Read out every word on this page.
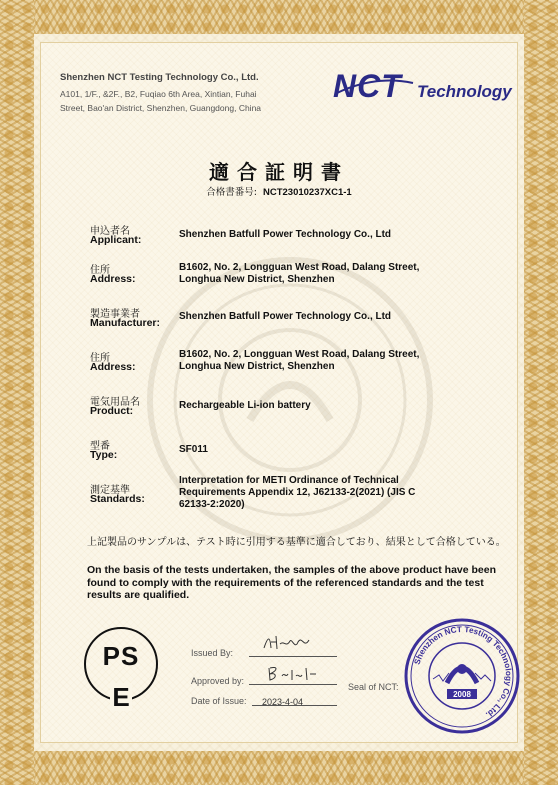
Shenzhen NCT Testing Technology Co., Ltd.
A101, 1/F., &2F., B2, Fuqiao 6th Area, Xintian, Fuhai
Street, Bao'an District, Shenzhen, Guangdong, China
NCT Technology
適合証明書
合格書番号: NCT23010237XC1-1
申込者名
Applicant:	Shenzhen Batfull Power Technology Co., Ltd
住所
Address:
B1602, No. 2, Longguan West Road, Dalang Street, Longhua New District, Shenzhen
製造事業者
Manufacturer:
Shenzhen Batfull Power Technology Co., Ltd
住所
Address:
B1602, No. 2, Longguan West Road, Dalang Street, Longhua New District, Shenzhen
電気用品名
Product:	Rechargeable Li-ion battery
型番
Type:	SF011
測定基準
Standards:
Interpretation for METI Ordinance of Technical Requirements Appendix 12, J62133-2(2021) (JIS C 62133-2:2020)
上記製品のサンプルは、テスト時に引用する基準に適合しており、結果として合格している。
On the basis of the tests undertaken, the samples of the above product have been found to comply with the requirements of the referenced standards and the test results are qualified.
PS
E
Issued By:
Approved by:
Date of Issue: 2023-4-04
Seal of NCT:
Shenzhen NCT Testing Technology Co., Ltd.
2008
